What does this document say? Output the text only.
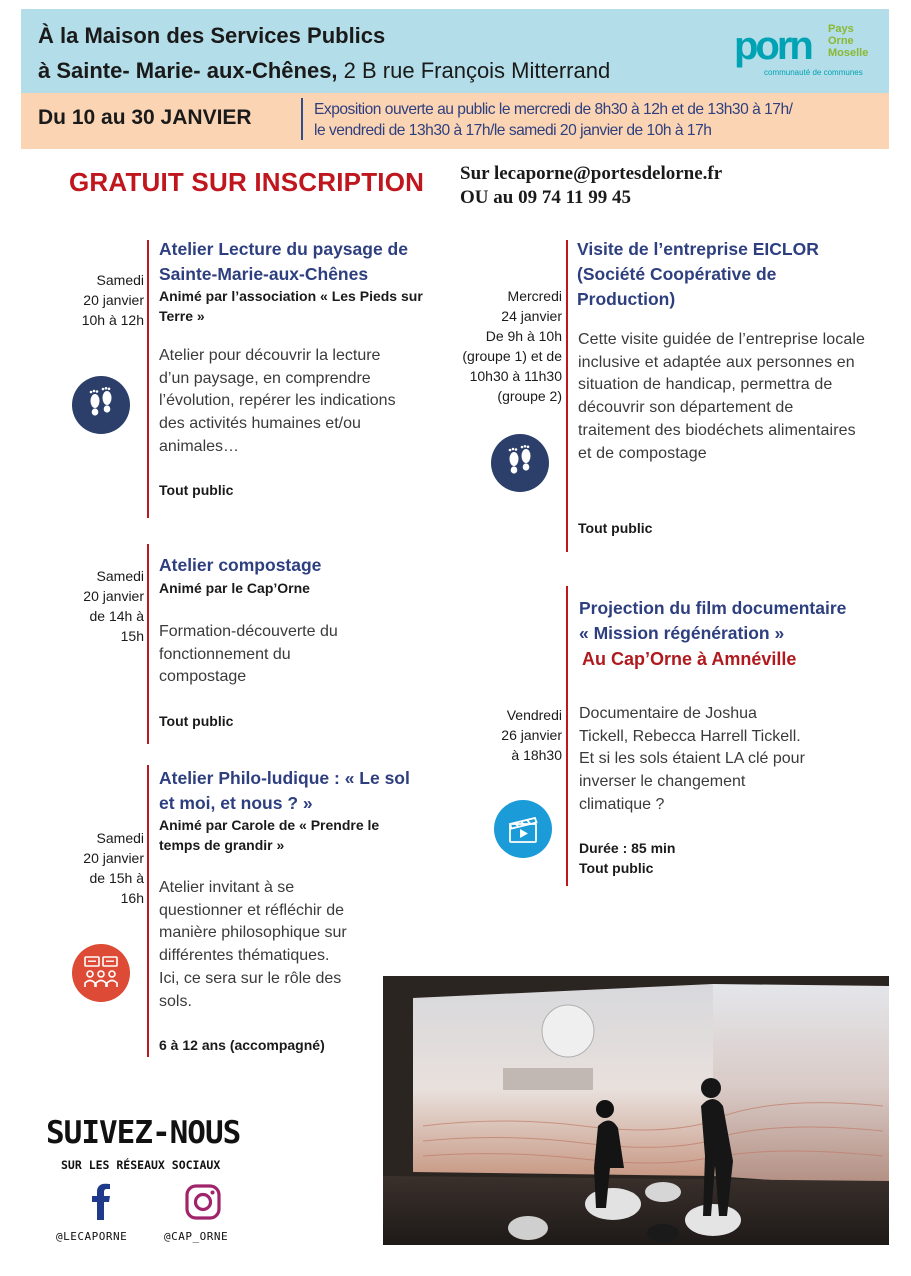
À la Maison des Services Publics
à Sainte- Marie- aux-Chênes, 2 B rue François Mitterrand
porn Pays
Orne
Moselle
communauté de communes
Du 10 au 30 JANVIER	Exposition ouverte au public le mercredi de 8h30 à 12h et de 13h30 à 17h/
le vendredi de 13h30 à 17h/le samedi 20 janvier de 10h à 17h
GRATUIT SUR INSCRIPTION Sur lecaporne@portesdelorne.fr
OU au 09 74 11 99 45
Samedi
20 janvier
10h à 12h
Atelier Lecture du paysage de
Sainte-Marie-aux-Chênes
Animé par l’association « Les Pieds sur
Terre »
Atelier pour découvrir la lecture
d’un paysage, en comprendre
l’évolution, repérer les indications
des activités humaines et/ou
animales…
Tout public
Samedi
20 janvier
de 14h à
15h
Atelier compostage
Animé par le Cap’Orne
Formation-découverte du
fonctionnement du
compostage
Tout public
Samedi
20 janvier
de 15h à
16h
Atelier Philo-ludique : « Le sol
et moi, et nous ? »
Animé par Carole de « Prendre le
temps de grandir »
Atelier invitant à se
questionner et réfléchir de
manière philosophique sur
différentes thématiques.
Ici, ce sera sur le rôle des
sols.
6 à 12 ans (accompagné)
Mercredi
24 janvier
De 9h à 10h
(groupe 1) et de
10h30 à 11h30
(groupe 2)
Visite de l’entreprise EICLOR
(Société Coopérative de
Production)
Cette visite guidée de l’entreprise locale
inclusive et adaptée aux personnes en
situation de handicap, permettra de
découvrir son département de
traitement des biodéchets alimentaires
et de compostage
Tout public
Vendredi
26 janvier
à 18h30
Projection du film documentaire
« Mission régénération »
Au Cap’Orne à Amnéville
Documentaire de Joshua
Tickell, Rebecca Harrell Tickell.
Et si les sols étaient LA clé pour
inverser le changement
climatique ?
Durée : 85 min
Tout public
SUIVEZ-NOUS
SUR LES RÉSEAUX SOCIAUX
@LECAPORNE	@CAP_ORNE
